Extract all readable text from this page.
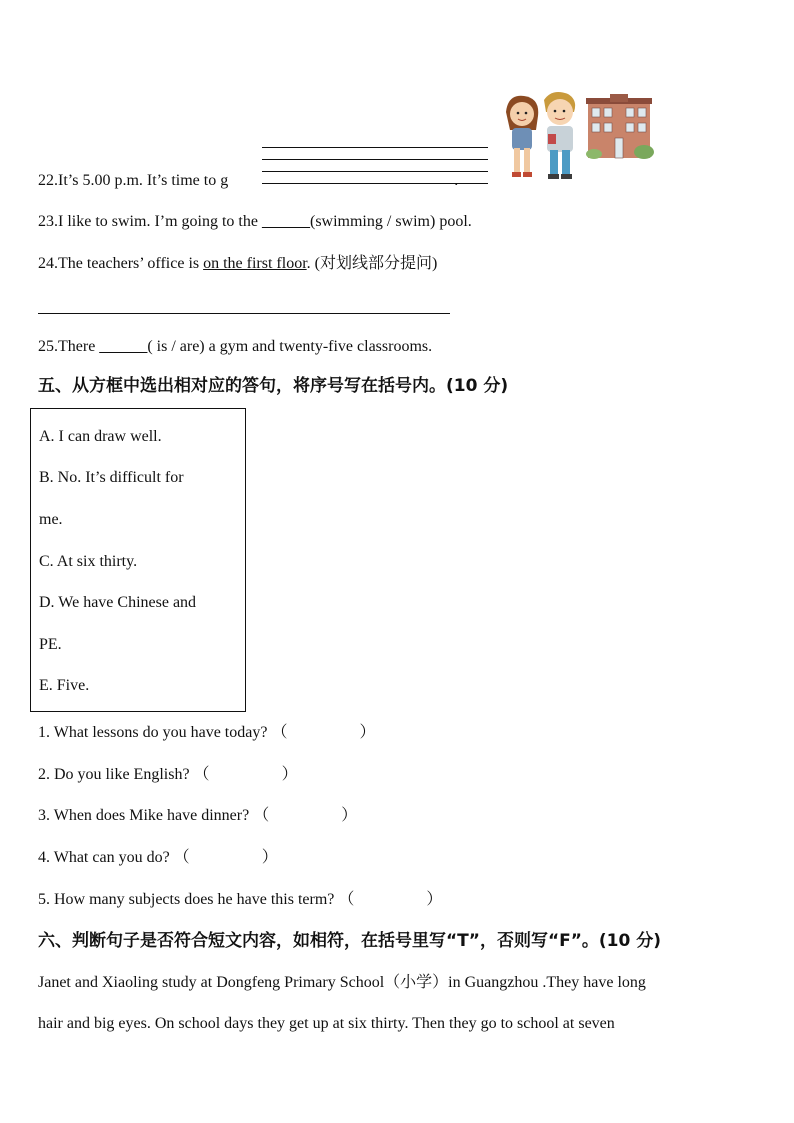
22.It’s 5.00 p.m. It’s time to g	.
23.I like to swim. I’m going to the ______(swimming / swim) pool.
24.The teachers’ office is on the first floor. (对划线部分提问)
25.There ______( is / are) a gym and twenty-five classrooms.
五、从方框中选出相对应的答句，将序号写在括号内。(10 分)
A. I can draw well.
B. No. It’s difficult for
me.
C. At six thirty.
D. We have Chinese and
PE.
E. Five.
1. What lessons do you have today? （	）
2. Do you like English? （	）
3. When does Mike have dinner? （	）
4. What can you do? （	）
5. How many subjects does he have this term? （	）
六、判断句子是否符合短文内容，如相符，在括号里写“T”，否则写“F”。(10 分)
Janet and Xiaoling study at Dongfeng Primary School（小学）in Guangzhou .They have long
hair and big eyes. On school days they get up at six thirty. Then they go to school at seven
